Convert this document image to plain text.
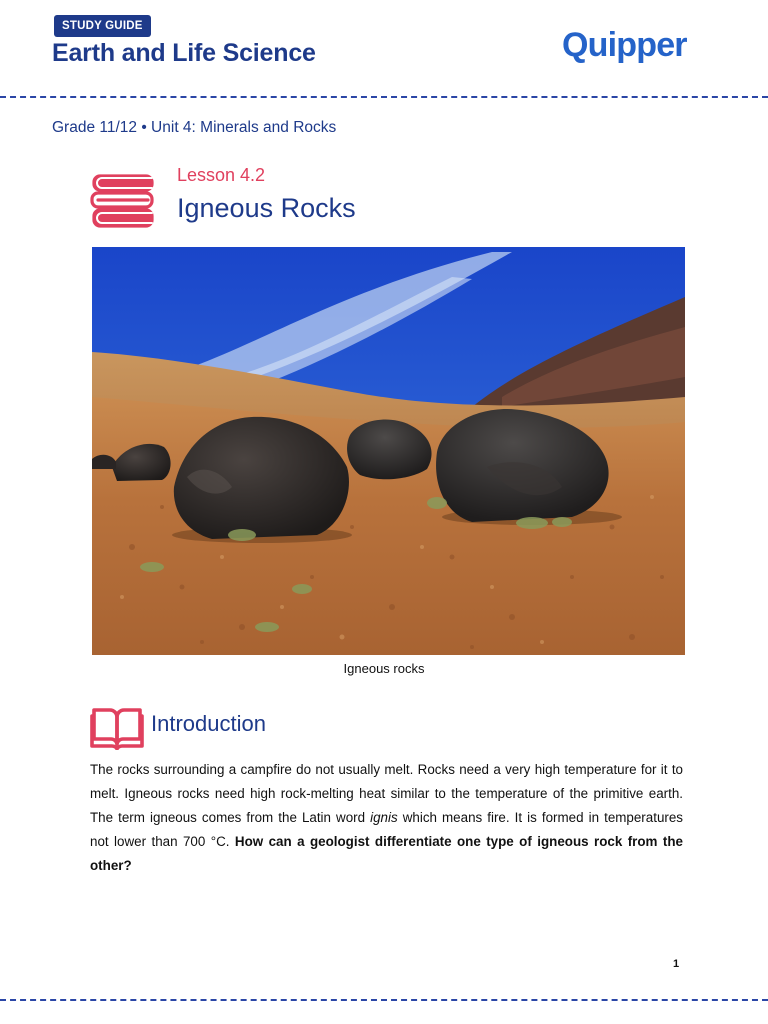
STUDY GUIDE
Earth and Life Science	Quipper
Grade 11/12 • Unit 4: Minerals and Rocks
Lesson 4.2
Igneous Rocks
Igneous rocks
Introduction
The rocks surrounding a campfire do not usually melt. Rocks need a very high temperature for it to melt. Igneous rocks need high rock-melting heat similar to the temperature of the primitive earth. The term igneous comes from the Latin word ignis which means fire. It is formed in temperatures not lower than 700 °C. How can a geologist differentiate one type of igneous rock from the other?
1
